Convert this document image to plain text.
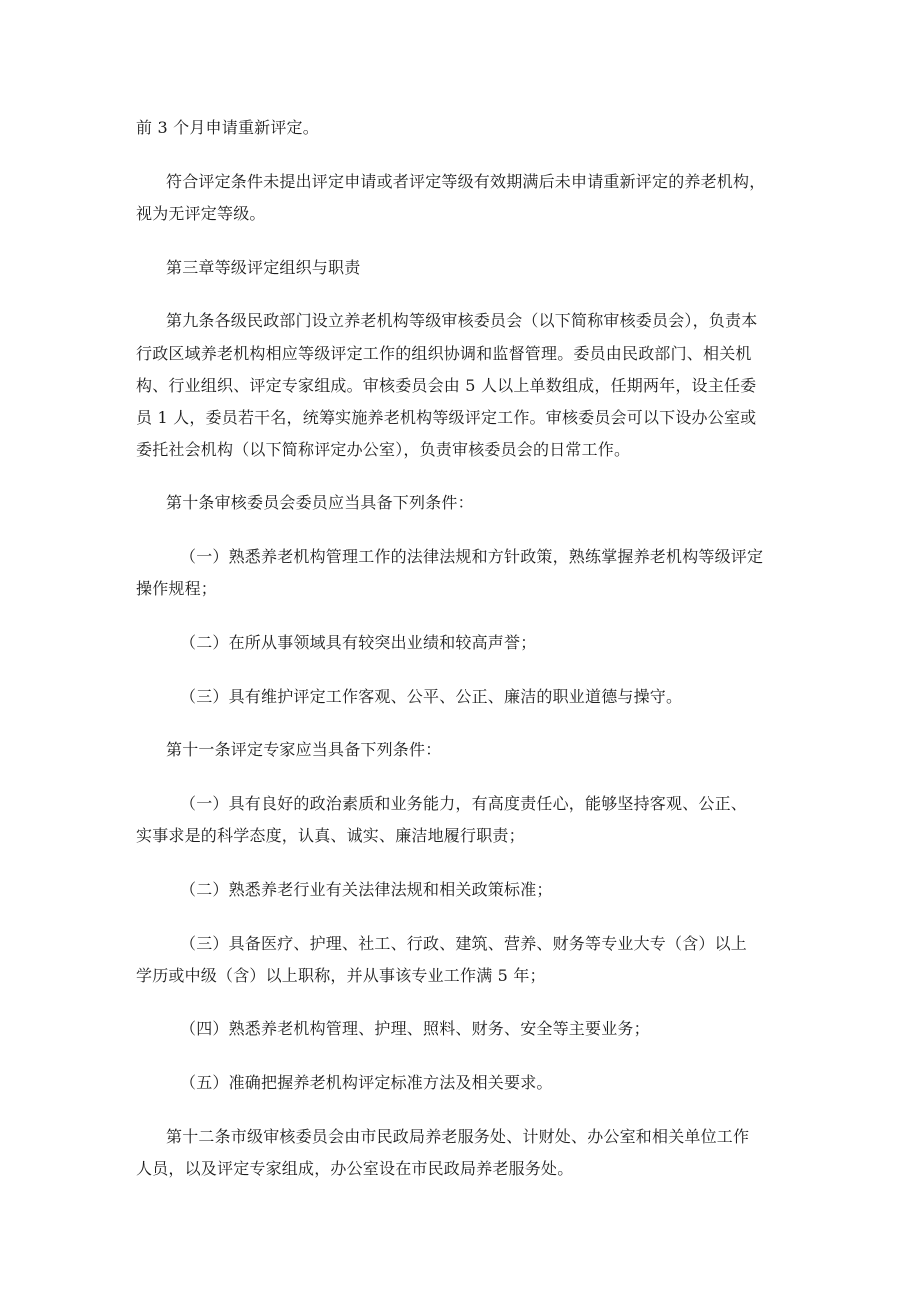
前 3 个月申请重新评定。

符合评定条件未提出评定申请或者评定等级有效期满后未申请重新评定的养老机构，

视为无评定等级。

第三章等级评定组织与职责

第九条各级民政部门设立养老机构等级审核委员会（以下简称审核委员会），负责本

行政区域养老机构相应等级评定工作的组织协调和监督管理。委员由民政部门、相关机

构、行业组织、评定专家组成。审核委员会由 5 人以上单数组成，任期两年，设主任委

员 1 人，委员若干名，统筹实施养老机构等级评定工作。审核委员会可以下设办公室或

委托社会机构（以下简称评定办公室），负责审核委员会的日常工作。

第十条审核委员会委员应当具备下列条件：

（一）熟悉养老机构管理工作的法律法规和方针政策，熟练掌握养老机构等级评定

操作规程；

（二）在所从事领域具有较突出业绩和较高声誉；

（三）具有维护评定工作客观、公平、公正、廉洁的职业道德与操守。

第十一条评定专家应当具备下列条件：

（一）具有良好的政治素质和业务能力，有高度责任心，能够坚持客观、公正、

实事求是的科学态度，认真、诚实、廉洁地履行职责；

（二）熟悉养老行业有关法律法规和相关政策标准；

（三）具备医疗、护理、社工、行政、建筑、营养、财务等专业大专（含）以上

学历或中级（含）以上职称，并从事该专业工作满 5 年；

（四）熟悉养老机构管理、护理、照料、财务、安全等主要业务；

（五）准确把握养老机构评定标准方法及相关要求。

第十二条市级审核委员会由市民政局养老服务处、计财处、办公室和相关单位工作

人员，以及评定专家组成，办公室设在市民政局养老服务处。
